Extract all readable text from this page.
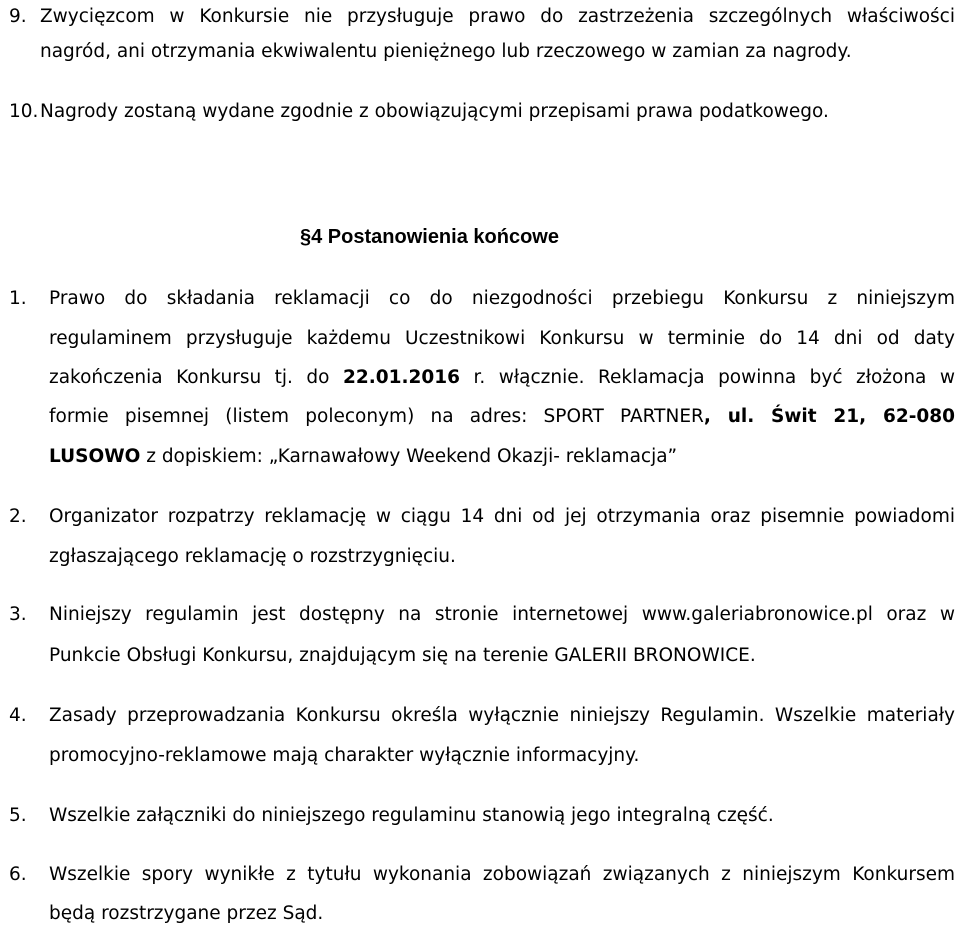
9. Zwycięzcom w Konkursie nie przysługuje prawo do zastrzeżenia szczególnych właściwości
nagród, ani otrzymania ekwiwalentu pieniężnego lub rzeczowego w zamian za nagrody.
10. Nagrody zostaną wydane zgodnie z obowiązującymi przepisami prawa podatkowego.
§4 Postanowienia końcowe
1. Prawo do składania reklamacji co do niezgodności przebiegu Konkursu z niniejszym
regulaminem przysługuje każdemu Uczestnikowi Konkursu w terminie do 14 dni od daty
zakończenia Konkursu tj. do 22.01.2016 r. włącznie. Reklamacja powinna być złożona w
formie pisemnej (listem poleconym) na adres: SPORT PARTNER, ul. Świt 21, 62-080
LUSOWO z dopiskiem: „Karnawałowy Weekend Okazji- reklamacja”
2. Organizator rozpatrzy reklamację w ciągu 14 dni od jej otrzymania oraz pisemnie powiadomi
zgłaszającego reklamację o rozstrzygnięciu.
3. Niniejszy regulamin jest dostępny na stronie internetowej www.galeriabronowice.pl oraz w
Punkcie Obsługi Konkursu, znajdującym się na terenie GALERII BRONOWICE.
4. Zasady przeprowadzania Konkursu określa wyłącznie niniejszy Regulamin. Wszelkie materiały
promocyjno-reklamowe mają charakter wyłącznie informacyjny.
5. Wszelkie załączniki do niniejszego regulaminu stanowią jego integralną część.
6. Wszelkie spory wynikłe z tytułu wykonania zobowiązań związanych z niniejszym Konkursem
będą rozstrzygane przez Sąd.
